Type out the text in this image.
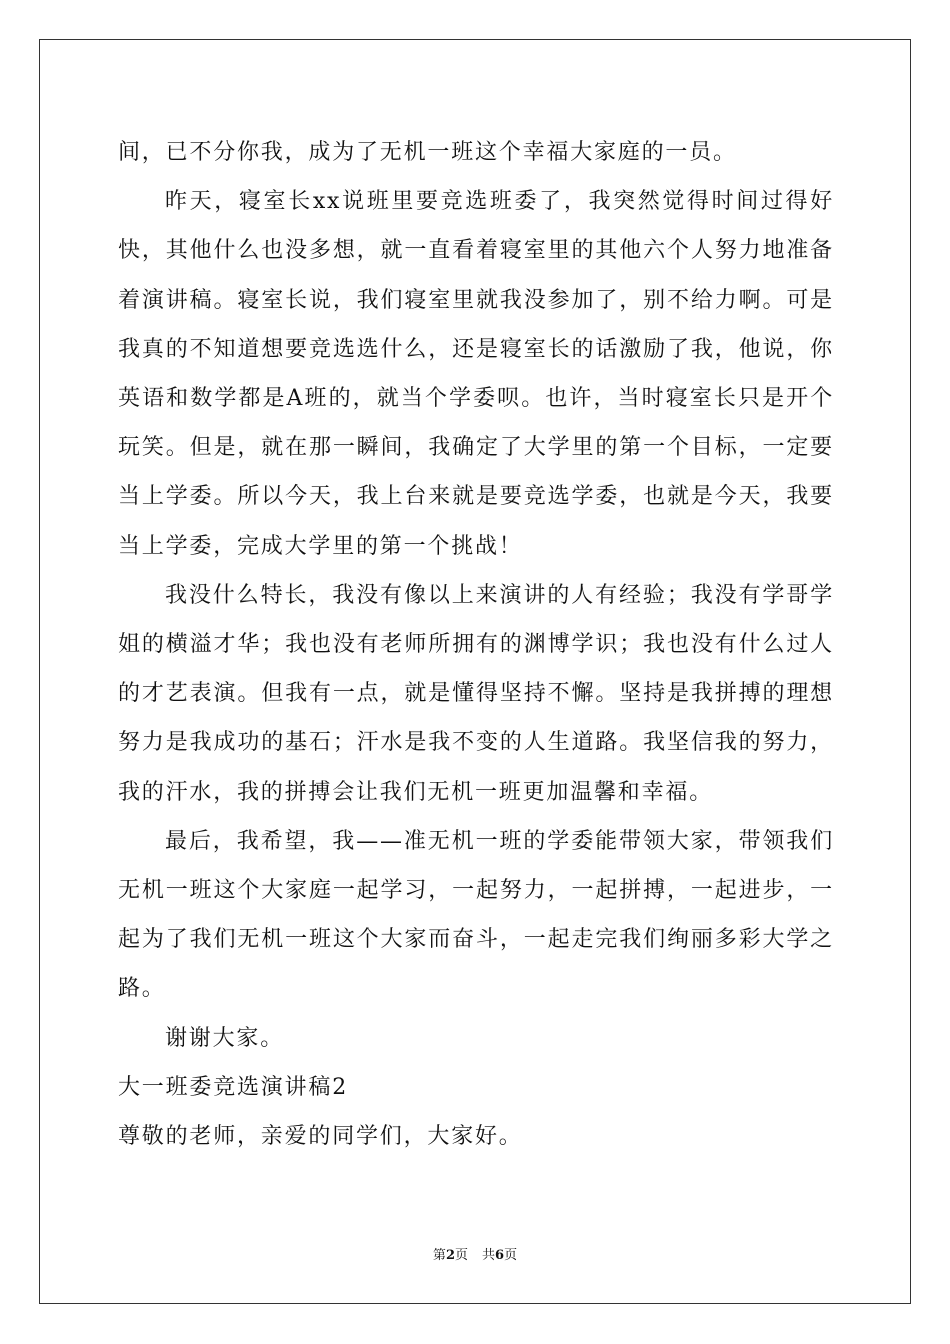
间，已不分你我，成为了无机一班这个幸福大家庭的一员。

昨天，寝室长xx说班里要竞选班委了，我突然觉得时间过得好快，其他什么也没多想，就一直看着寝室里的其他六个人努力地准备着演讲稿。寝室长说，我们寝室里就我没参加了，别不给力啊。可是我真的不知道想要竞选选什么，还是寝室长的话激励了我，他说，你英语和数学都是A班的，就当个学委呗。也许，当时寝室长只是开个玩笑。但是，就在那一瞬间，我确定了大学里的第一个目标，一定要当上学委。所以今天，我上台来就是要竞选学委，也就是今天，我要当上学委，完成大学里的第一个挑战！

我没什么特长，我没有像以上来演讲的人有经验；我没有学哥学姐的横溢才华；我也没有老师所拥有的渊博学识；我也没有什么过人的才艺表演。但我有一点，就是懂得坚持不懈。坚持是我拼搏的理想努力是我成功的基石；汗水是我不变的人生道路。我坚信我的努力，我的汗水，我的拼搏会让我们无机一班更加温馨和幸福。

最后，我希望，我——准无机一班的学委能带领大家，带领我们无机一班这个大家庭一起学习，一起努力，一起拼搏，一起进步，一起为了我们无机一班这个大家而奋斗，一起走完我们绚丽多彩大学之路。

谢谢大家。

大一班委竞选演讲稿2

尊敬的老师，亲爱的同学们，大家好。

第2页 共6页
